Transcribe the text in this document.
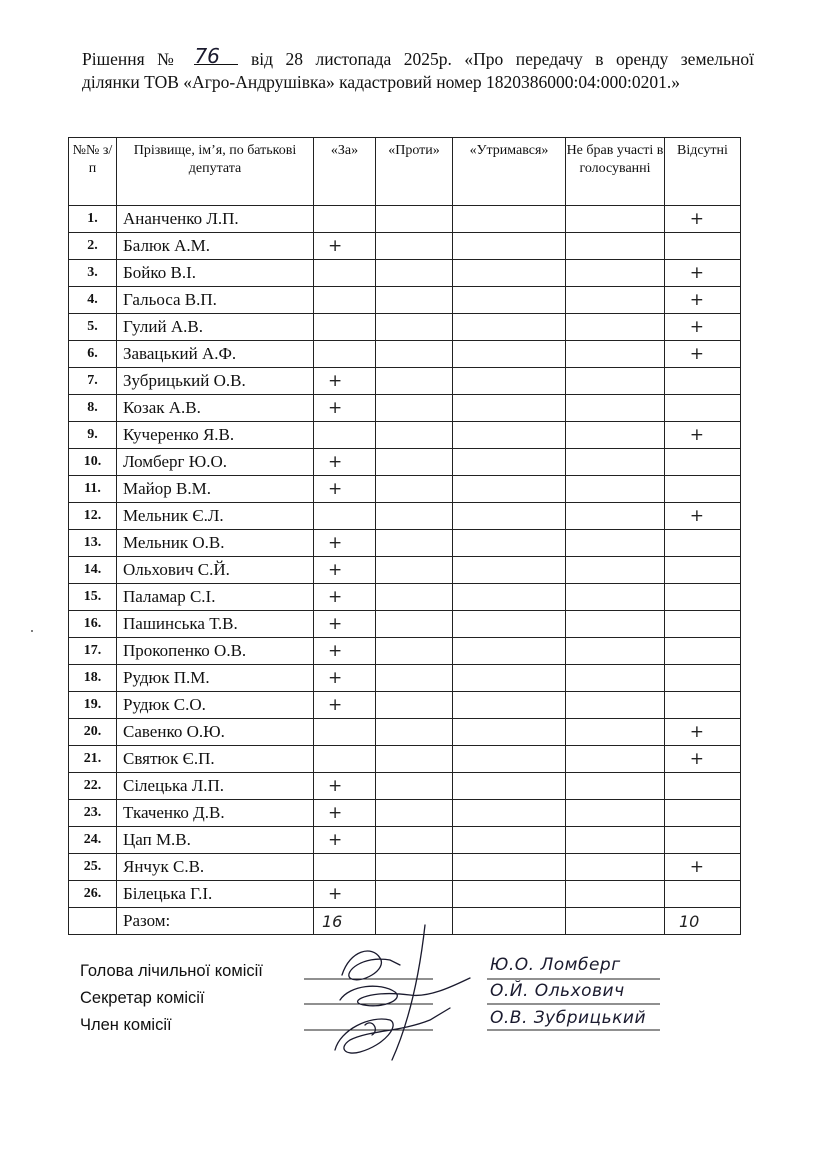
Рішення № 76 від 28 листопада 2025р. «Про передачу в оренду земельної
ділянки ТОВ «Агро-Андрушівка» кадастровий номер 1820386000:04:000:0201.»
№№ з/п	Прізвище, ім’я, по батькові депутата	«За»	«Проти»	«Утримався»	Не брав участі в голосуванні	Відсутні
1.	Ананченко Л.П.					+
2.	Балюк А.М.	+				
3.	Бойко В.І.					+
4.	Гальоса В.П.					+
5.	Гулий А.В.					+
6.	Завацький А.Ф.					+
7.	Зубрицький О.В.	+				
8.	Козак А.В.	+				
9.	Кучеренко Я.В.					+
10.	Ломберг Ю.О.	+				
11.	Майор В.М.	+				
12.	Мельник Є.Л.					+
13.	Мельник О.В.	+				
14.	Ольхович С.Й.	+				
15.	Паламар С.І.	+				
16.	Пашинська Т.В.	+				
17.	Прокопенко О.В.	+				
18.	Рудюк П.М.	+				
19.	Рудюк С.О.	+				
20.	Савенко О.Ю.					+
21.	Святюк Є.П.					+
22.	Сілецька Л.П.	+				
23.	Ткаченко Д.В.	+				
24.	Цап М.В.	+				
25.	Янчук С.В.					+
26.	Білецька Г.І.	+				
	Разом:	16				10
Голова лічильної комісії
Секретар комісії
Член комісії
Ю.О. Ломберг
О.Й. Ольхович
О.В. Зубрицький
